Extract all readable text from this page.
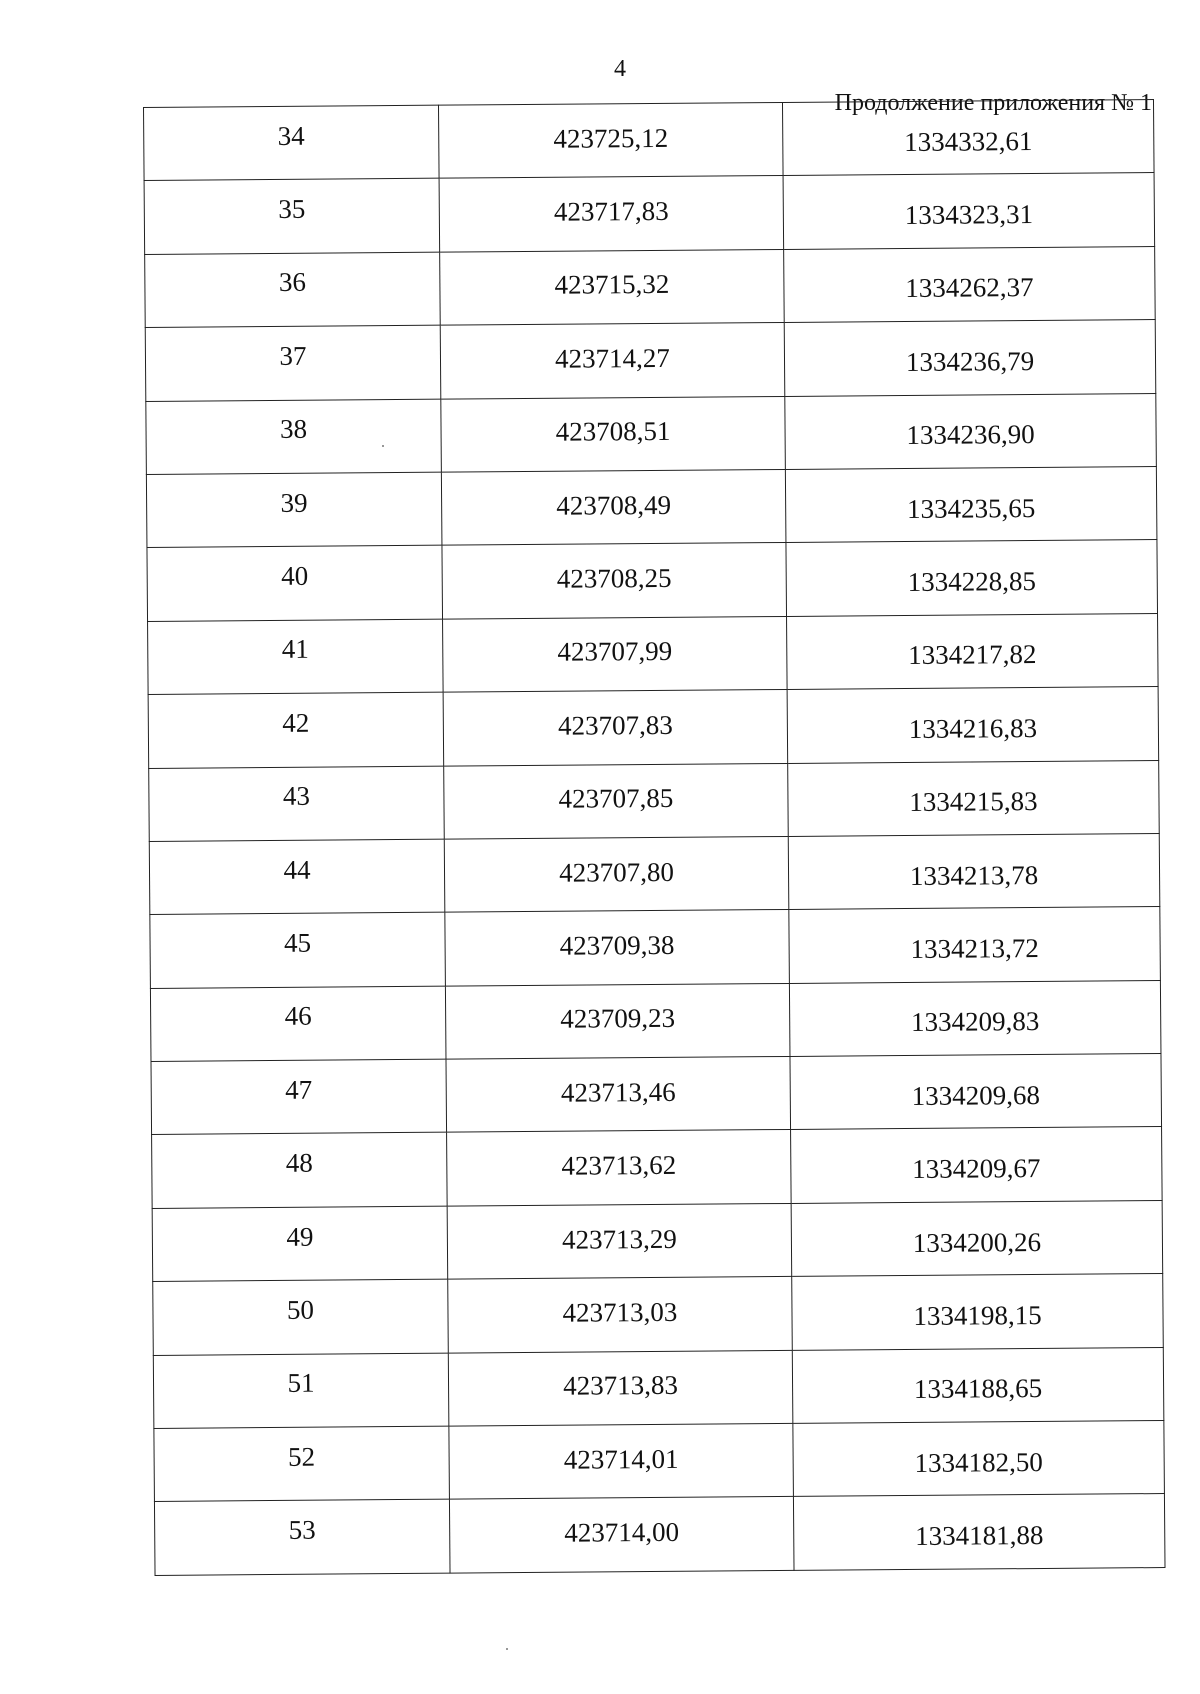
4
Продолжение приложения № 1
34	423725,12	1334332,61
35	423717,83	1334323,31
36	423715,32	1334262,37
37	423714,27	1334236,79
38	423708,51	1334236,90
39	423708,49	1334235,65
40	423708,25	1334228,85
41	423707,99	1334217,82
42	423707,83	1334216,83
43	423707,85	1334215,83
44	423707,80	1334213,78
45	423709,38	1334213,72
46	423709,23	1334209,83
47	423713,46	1334209,68
48	423713,62	1334209,67
49	423713,29	1334200,26
50	423713,03	1334198,15
51	423713,83	1334188,65
52	423714,01	1334182,50
53	423714,00	1334181,88
